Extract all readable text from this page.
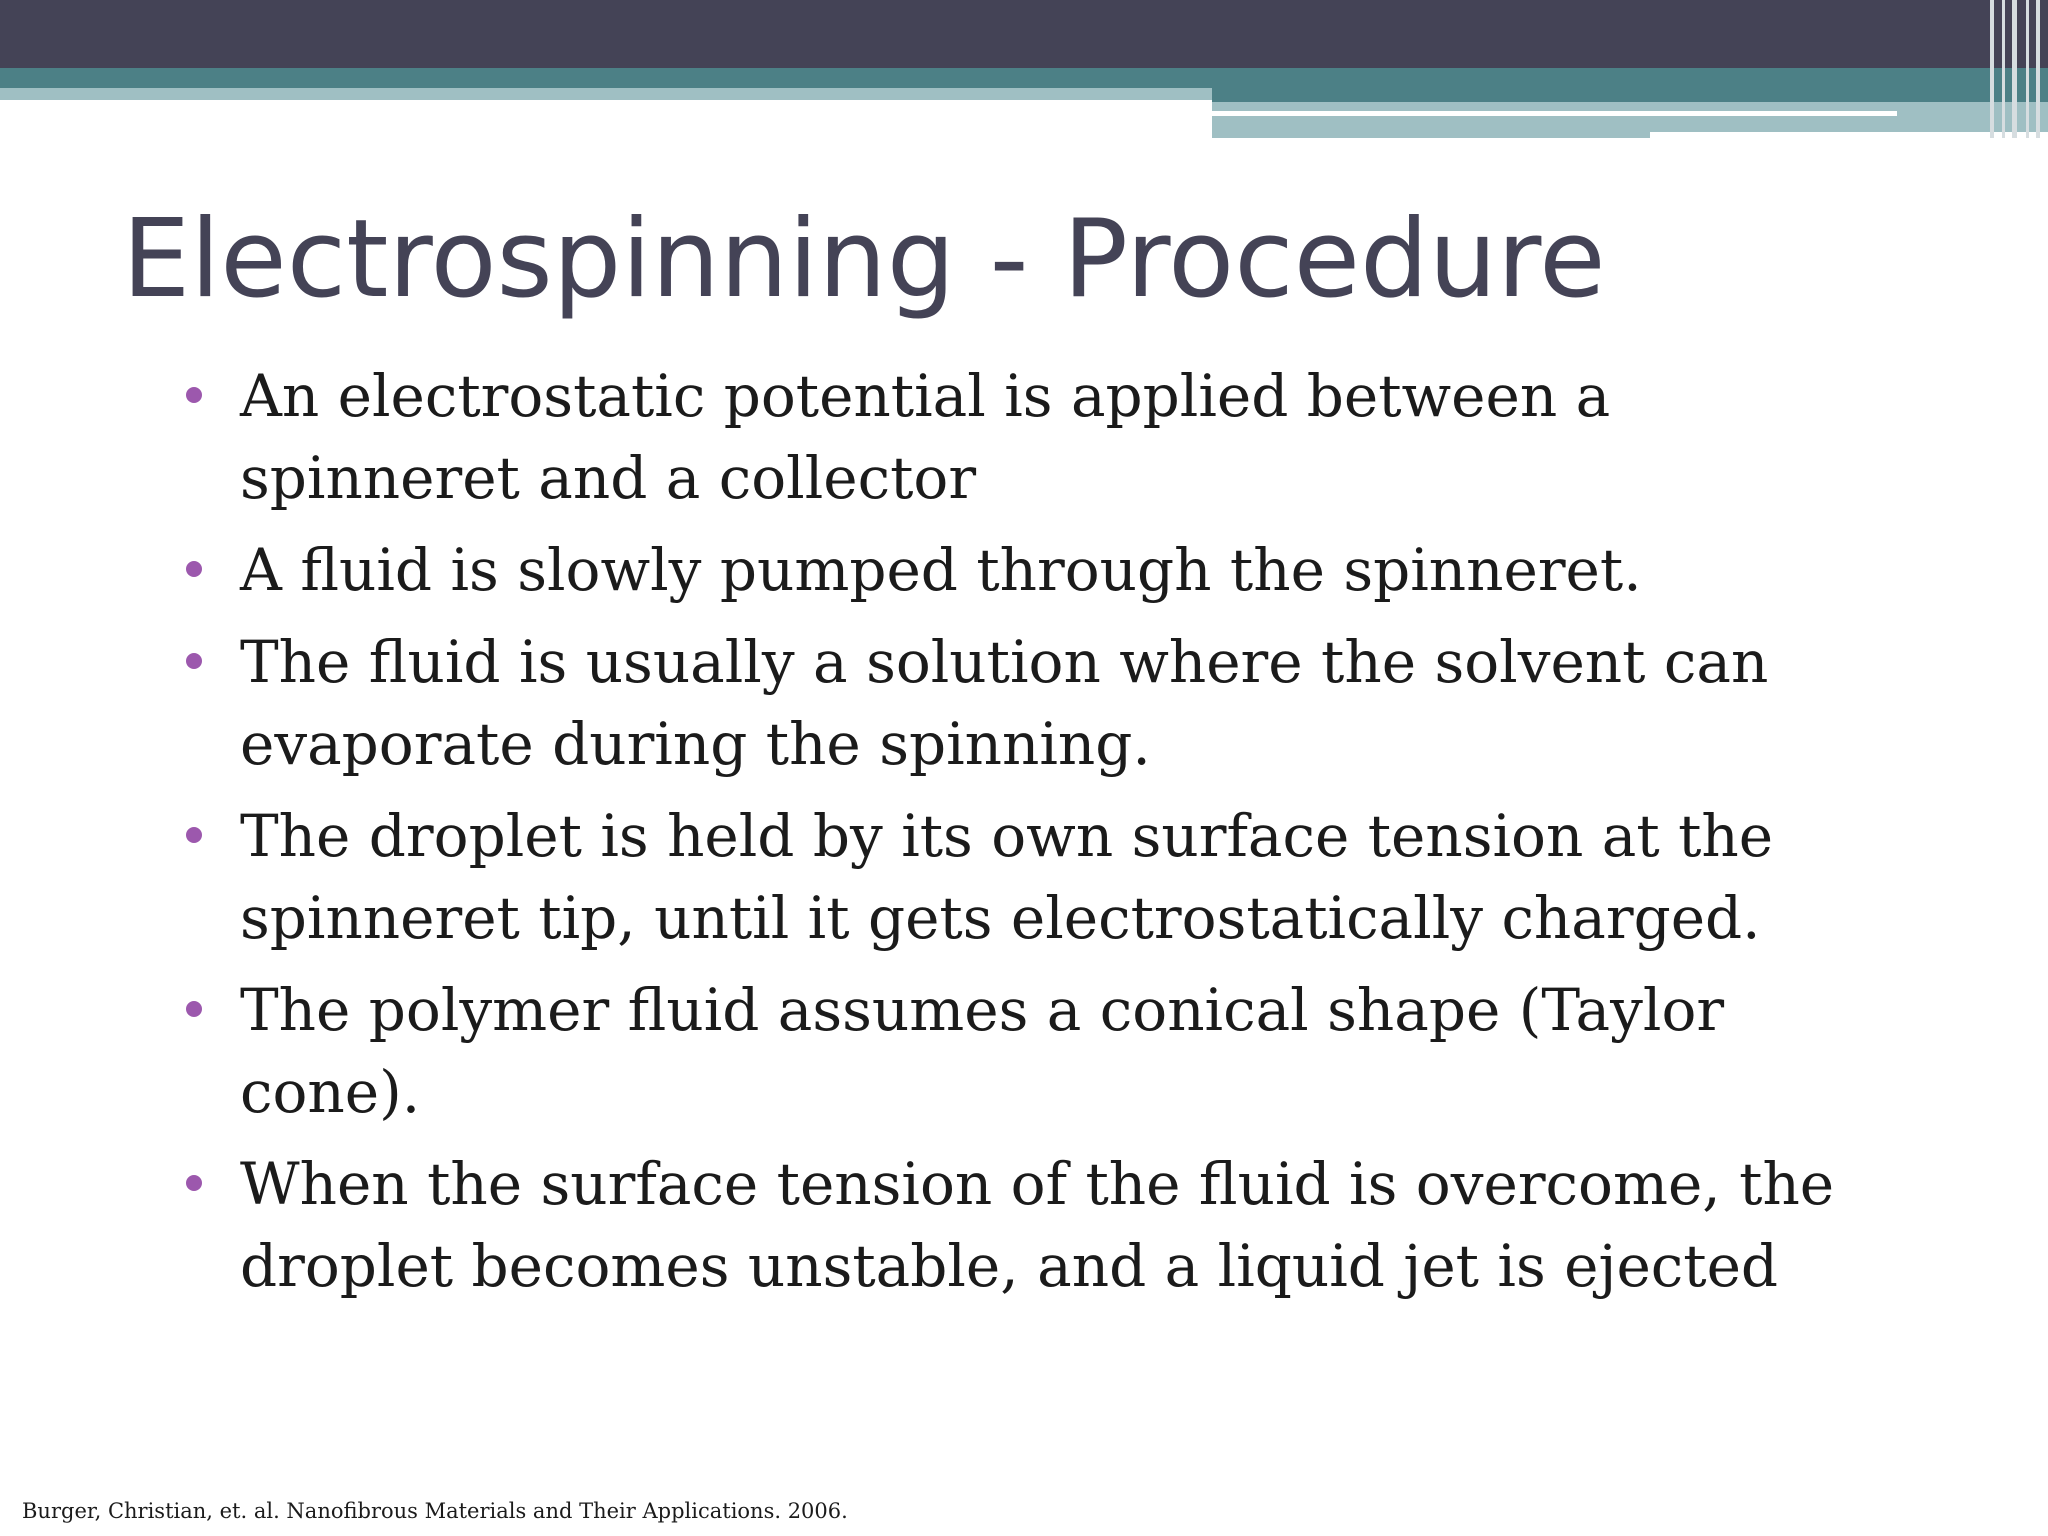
Electrospinning - Procedure
An electrostatic potential is applied between a spinneret and a collector
A fluid is slowly pumped through the spinneret.
The fluid is usually a solution where the solvent can evaporate during the spinning.
The droplet is held by its own surface tension at the spinneret tip, until it gets electrostatically charged.
The polymer fluid assumes a conical shape (Taylor cone).
When the surface tension of the fluid is overcome, the droplet becomes unstable, and a liquid jet is ejected
Burger, Christian, et. al. Nanofibrous Materials and Their Applications. 2006.
